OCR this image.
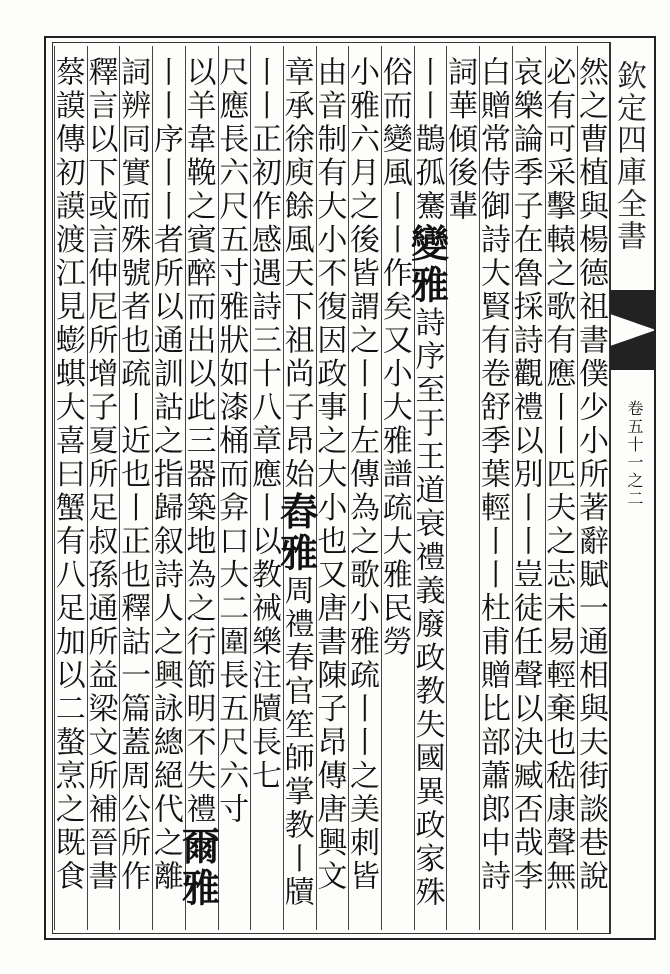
欽定四庫全書
卷五十一之二
然之曹植與楊德祖書僕少小所著辭賦一通相與夫街談巷說
必有可采擊轅之歌有應丨丨匹夫之志未易輕棄也嵇康聲無
哀樂論季子在魯採詩觀禮以別丨丨豈徒任聲以決臧否哉李
白贈常侍御詩大賢有卷舒季葉輕丨丨杜甫贈比部蕭郎中詩
詞華傾後輩
丨丨鵲孤騫變雅詩序至于王道衰禮義廢政教失國異政家殊
俗而變風丨丨作矣又小大雅譜疏大雅民勞
小雅六月之後皆謂之丨丨左傳為之歌小雅疏丨丨之美刺皆
由音制有大小不復因政事之大小也又唐書陳子昂傳唐興文
章承徐庾餘風天下祖尚子昂始舂雅周禮春官笙師掌教丨牘
丨丨正初作感遇詩三十八章應丨以教祴樂注牘長七
尺應長六尺五寸雅狀如漆桶而弇口大二圍長五尺六寸
以羊韋鞔之賓醉而出以此三器築地為之行節明不失禮爾雅
丨丨序丨丨者所以通訓詁之指歸叙詩人之興詠總絕代之離
詞辨同實而殊號者也疏丨近也丨正也釋詁一篇蓋周公所作
釋言以下或言仲尼所增子夏所足叔孫通所益梁文所補晉書
蔡謨傳初謨渡江見蟛蜞大喜曰蟹有八足加以二螯烹之既食
